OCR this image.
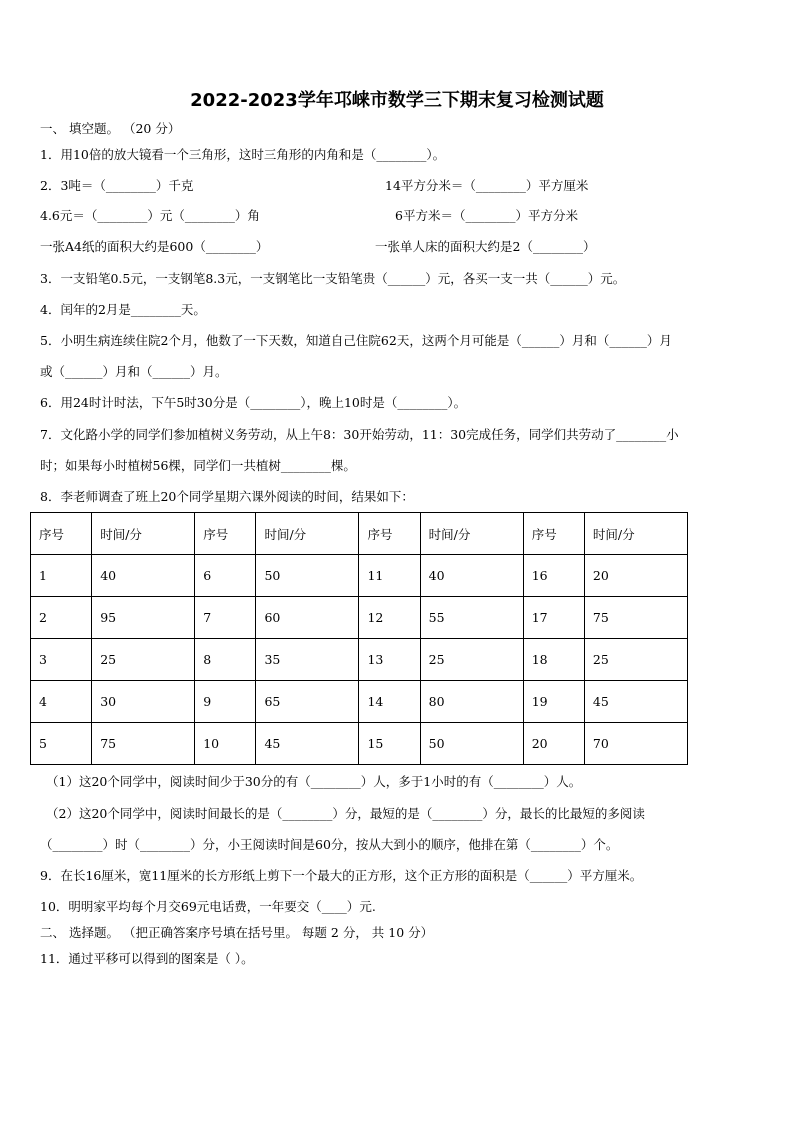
2022-2023学年邛崃市数学三下期末复习检测试题
一、 填空题。 （20 分）
1．用10倍的放大镜看一个三角形，这时三角形的内角和是（________）。
2．3吨＝（________）千克	14平方分米＝（________）平方厘米
4.6元＝（________）元（________）角	6平方米＝（________）平方分米
一张A4纸的面积大约是600（________）	一张单人床的面积大约是2（________）
3．一支铅笔0.5元，一支钢笔8.3元，一支钢笔比一支铅笔贵（______）元，各买一支一共（______）元。
4．闰年的2月是________天。
5．小明生病连续住院2个月，他数了一下天数，知道自己住院62天，这两个月可能是（______）月和（______）月
或（______）月和（______）月。
6．用24时计时法，下午5时30分是（________），晚上10时是（________）。
7．文化路小学的同学们参加植树义务劳动，从上午8：30开始劳动，11：30完成任务，同学们共劳动了________小
时；如果每小时植树56棵，同学们一共植树________棵。
8．李老师调查了班上20个同学星期六课外阅读的时间，结果如下：
序号	时间/分	序号	时间/分	序号	时间/分	序号	时间/分
1	40	6	50	11	40	16	20
2	95	7	60	12	55	17	75
3	25	8	35	13	25	18	25
4	30	9	65	14	80	19	45
5	75	10	45	15	50	20	70
（1）这20个同学中，阅读时间少于30分的有（________）人，多于1小时的有（________）人。
（2）这20个同学中，阅读时间最长的是（________）分，最短的是（________）分，最长的比最短的多阅读
（________）时（________）分，小王阅读时间是60分，按从大到小的顺序，他排在第（________）个。
9．在长16厘米，宽11厘米的长方形纸上剪下一个最大的正方形，这个正方形的面积是（______）平方厘米。
10．明明家平均每个月交69元电话费，一年要交（____）元.
二、 选择题。 （把正确答案序号填在括号里。 每题 2 分， 共 10 分）
11．通过平移可以得到的图案是（ ）。
